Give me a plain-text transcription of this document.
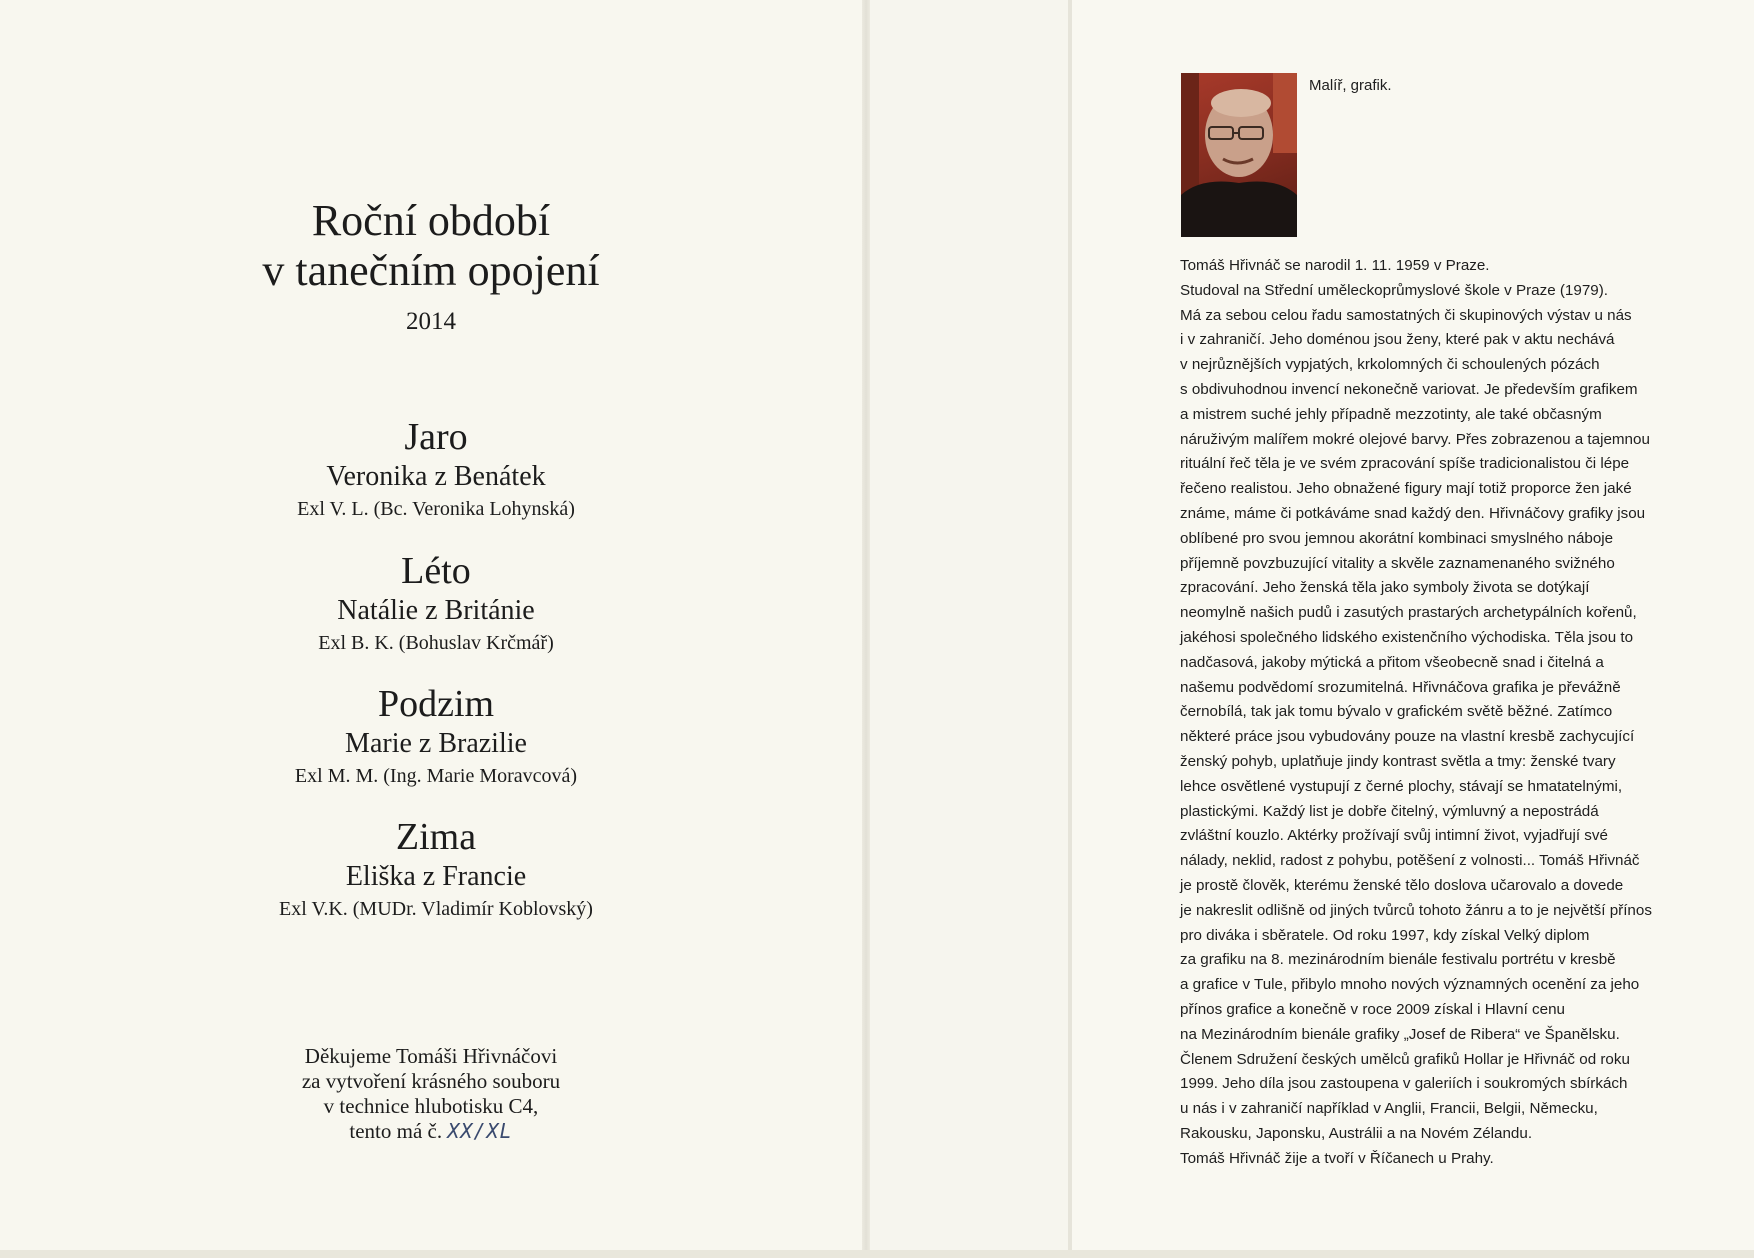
Roční období
v tanečním opojení
2014
Jaro
Veronika z Benátek
Exl V. L. (Bc. Veronika Lohynská)
Léto
Natálie z Británie
Exl B. K. (Bohuslav Krčmář)
Podzim
Marie z Brazilie
Exl M. M. (Ing. Marie Moravcová)
Zima
Eliška z Francie
Exl V.K. (MUDr. Vladimír Koblovský)
Děkujeme Tomáši Hřivnáčovi
za vytvoření krásného souboru
v technice hlubotisku C4,
tento má č. XX/XL
Malíř, grafik.
Tomáš Hřivnáč se narodil 1. 11. 1959 v Praze.
Studoval na Střední uměleckoprůmyslové škole v Praze (1979).
Má za sebou celou řadu samostatných či skupinových výstav u nás
i v zahraničí. Jeho doménou jsou ženy, které pak v aktu nechává
v nejrůznějších vypjatých, krkolomných či schoulených pózách
s obdivuhodnou invencí nekonečně variovat. Je především grafikem
a mistrem suché jehly případně mezzotinty, ale také občasným
náruživým malířem mokré olejové barvy. Přes zobrazenou a tajemnou
rituální řeč těla je ve svém zpracování spíše tradicionalistou či lépe
řečeno realistou. Jeho obnažené figury mají totiž proporce žen jaké
známe, máme či potkáváme snad každý den. Hřivnáčovy grafiky jsou
oblíbené pro svou jemnou akorátní kombinaci smyslného náboje
příjemně povzbuzující vitality a skvěle zaznamenaného svižného
zpracování. Jeho ženská těla jako symboly života se dotýkají
neomylně našich pudů i zasutých prastarých archetypálních kořenů,
jakéhosi společného lidského existenčního východiska. Těla jsou to
nadčasová, jakoby mýtická a přitom všeobecně snad i čitelná a
našemu podvědomí srozumitelná. Hřivnáčova grafika je převážně
černobílá, tak jak tomu bývalo v grafickém světě běžné. Zatímco
některé práce jsou vybudovány pouze na vlastní kresbě zachycující
ženský pohyb, uplatňuje jindy kontrast světla a tmy: ženské tvary
lehce osvětlené vystupují z černé plochy, stávají se hmatatelnými,
plastickými. Každý list je dobře čitelný, výmluvný a nepostrádá
zvláštní kouzlo. Aktérky prožívají svůj intimní život, vyjadřují své
nálady, neklid, radost z pohybu, potěšení z volnosti... Tomáš Hřivnáč
je prostě člověk, kterému ženské tělo doslova učarovalo a dovede
je nakreslit odlišně od jiných tvůrců tohoto žánru a to je největší přínos
pro diváka i sběratele. Od roku 1997, kdy získal Velký diplom
za grafiku na 8. mezinárodním bienále festivalu portrétu v kresbě
a grafice v Tule, přibylo mnoho nových významných ocenění za jeho
přínos grafice a konečně v roce 2009 získal i Hlavní cenu
na Mezinárodním bienále grafiky „Josef de Ribera“ ve Španělsku.
Členem Sdružení českých umělců grafiků Hollar je Hřivnáč od roku
1999. Jeho díla jsou zastoupena v galeriích i soukromých sbírkách
u nás i v zahraničí například v Anglii, Francii, Belgii, Německu,
Rakousku, Japonsku, Austrálii a na Novém Zélandu.
Tomáš Hřivnáč žije a tvoří v Říčanech u Prahy.
